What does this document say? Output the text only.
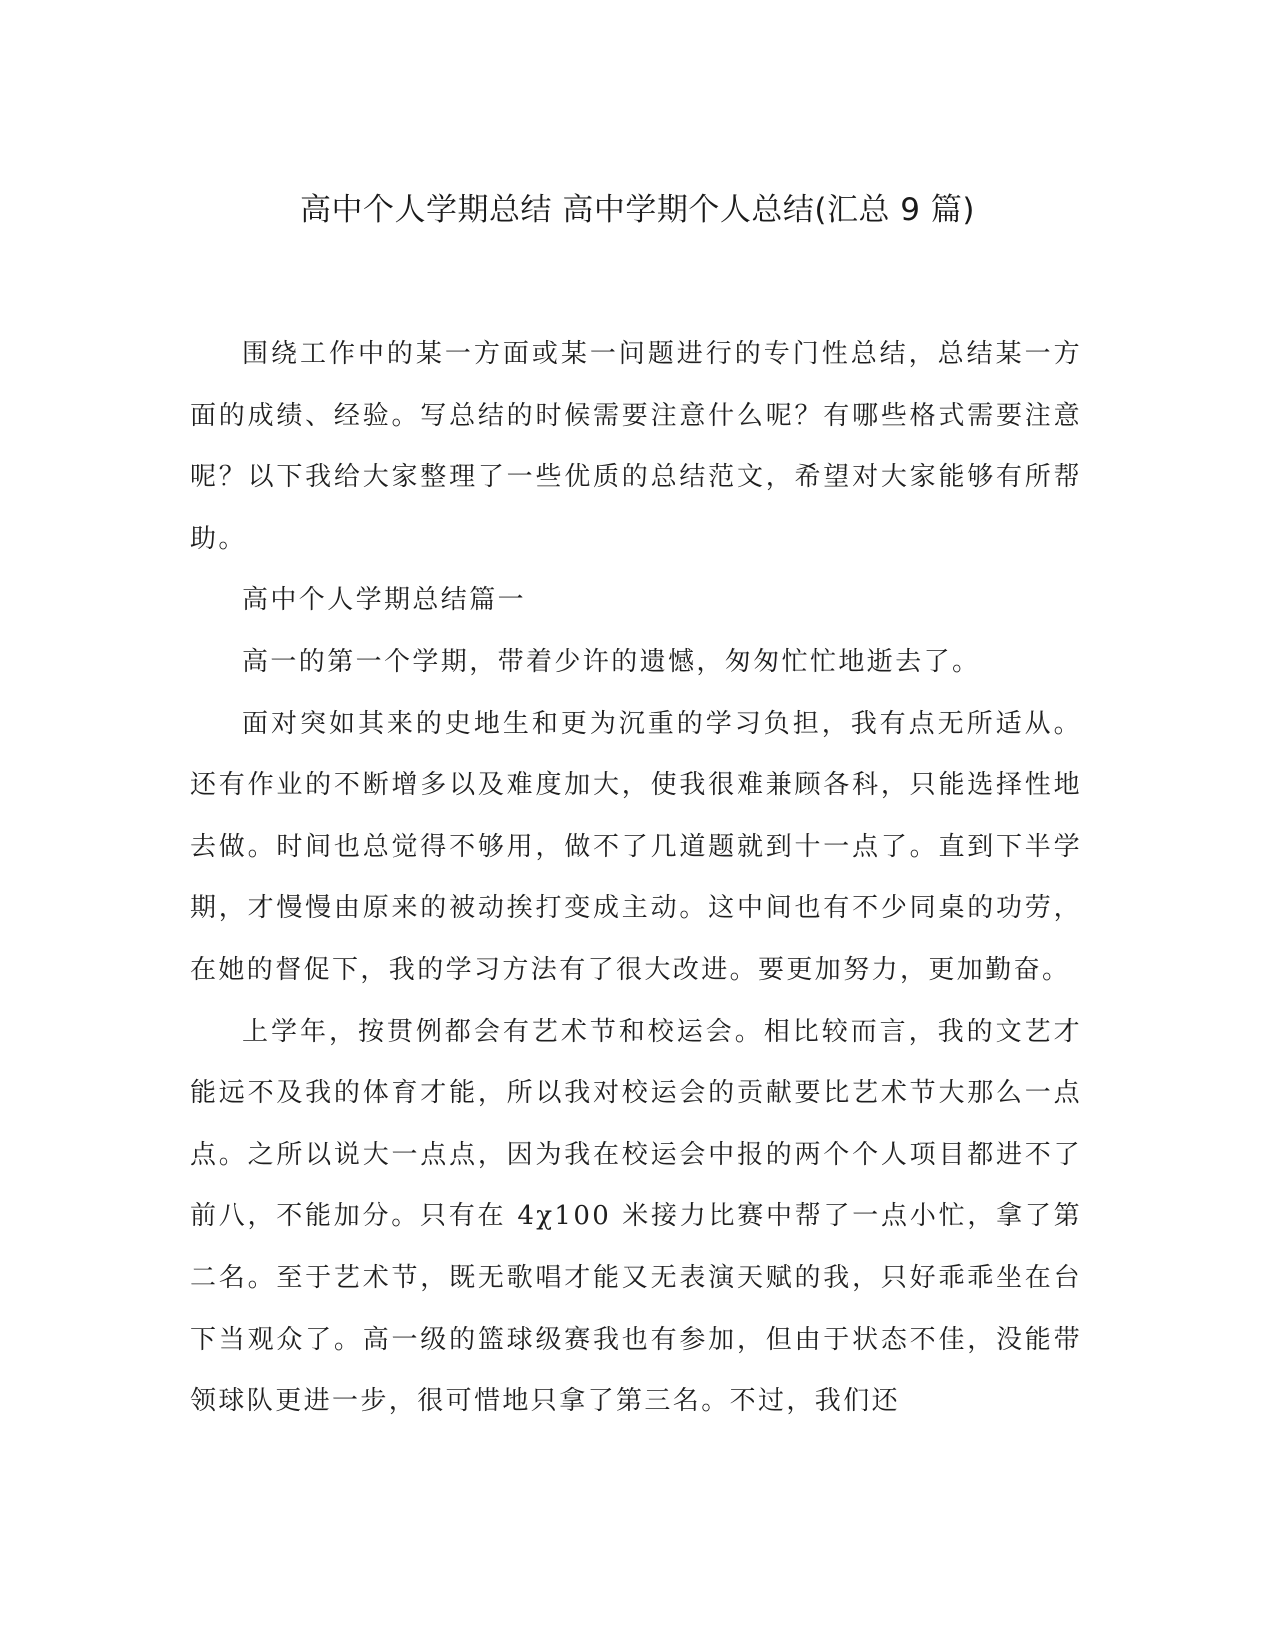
高中个人学期总结 高中学期个人总结(汇总 9 篇)

围绕工作中的某一方面或某一问题进行的专门性总结，总结某一方面的成绩、经验。写总结的时候需要注意什么呢？有哪些格式需要注意呢？以下我给大家整理了一些优质的总结范文，希望对大家能够有所帮助。

高中个人学期总结篇一

高一的第一个学期，带着少许的遗憾，匆匆忙忙地逝去了。

面对突如其来的史地生和更为沉重的学习负担，我有点无所适从。还有作业的不断增多以及难度加大，使我很难兼顾各科，只能选择性地去做。时间也总觉得不够用，做不了几道题就到十一点了。直到下半学期，才慢慢由原来的被动挨打变成主动。这中间也有不少同桌的功劳，在她的督促下，我的学习方法有了很大改进。要更加努力，更加勤奋。

上学年，按贯例都会有艺术节和校运会。相比较而言，我的文艺才能远不及我的体育才能，所以我对校运会的贡献要比艺术节大那么一点点。之所以说大一点点，因为我在校运会中报的两个个人项目都进不了前八，不能加分。只有在 4χ100 米接力比赛中帮了一点小忙，拿了第二名。至于艺术节，既无歌唱才能又无表演天赋的我，只好乖乖坐在台下当观众了。高一级的篮球级赛我也有参加，但由于状态不佳，没能带领球队更进一步，很可惜地只拿了第三名。不过，我们还
